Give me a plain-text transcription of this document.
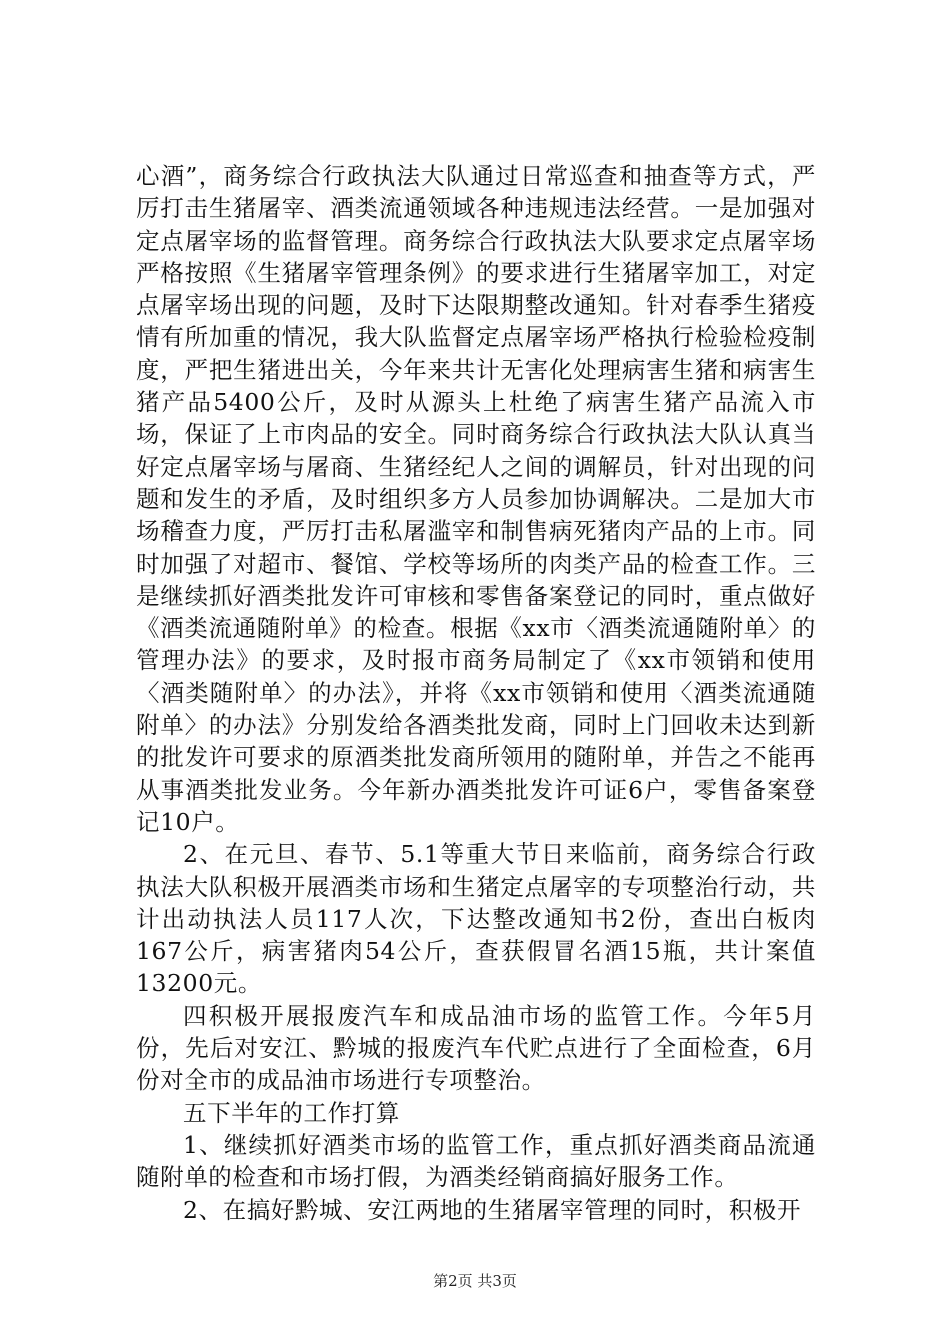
心酒”，商务综合行政执法大队通过日常巡查和抽查等方式，严厉打击生猪屠宰、酒类流通领域各种违规违法经营。一是加强对定点屠宰场的监督管理。商务综合行政执法大队要求定点屠宰场严格按照《生猪屠宰管理条例》的要求进行生猪屠宰加工，对定点屠宰场出现的问题，及时下达限期整改通知。针对春季生猪疫情有所加重的情况，我大队监督定点屠宰场严格执行检验检疫制度，严把生猪进出关，今年来共计无害化处理病害生猪和病害生猪产品5400公斤，及时从源头上杜绝了病害生猪产品流入市场，保证了上市肉品的安全。同时商务综合行政执法大队认真当好定点屠宰场与屠商、生猪经纪人之间的调解员，针对出现的问题和发生的矛盾，及时组织多方人员参加协调解决。二是加大市场稽查力度，严厉打击私屠滥宰和制售病死猪肉产品的上市。同时加强了对超市、餐馆、学校等场所的肉类产品的检查工作。三是继续抓好酒类批发许可审核和零售备案登记的同时，重点做好《酒类流通随附单》的检查。根据《xx市〈酒类流通随附单〉的管理办法》的要求，及时报市商务局制定了《xx市领销和使用〈酒类随附单〉的办法》，并将《xx市领销和使用〈酒类流通随附单〉的办法》分别发给各酒类批发商，同时上门回收未达到新的批发许可要求的原酒类批发商所领用的随附单，并告之不能再从事酒类批发业务。今年新办酒类批发许可证6户，零售备案登记10户。

2、在元旦、春节、5.1等重大节日来临前，商务综合行政执法大队积极开展酒类市场和生猪定点屠宰的专项整治行动，共计出动执法人员117人次，下达整改通知书2份，查出白板肉167公斤，病害猪肉54公斤，查获假冒名酒15瓶，共计案值13200元。

四积极开展报废汽车和成品油市场的监管工作。今年5月份，先后对安江、黔城的报废汽车代贮点进行了全面检查，6月份对全市的成品油市场进行专项整治。

五下半年的工作打算

1、继续抓好酒类市场的监管工作，重点抓好酒类商品流通随附单的检查和市场打假，为酒类经销商搞好服务工作。

2、在搞好黔城、安江两地的生猪屠宰管理的同时，积极开

第2页 共3页
